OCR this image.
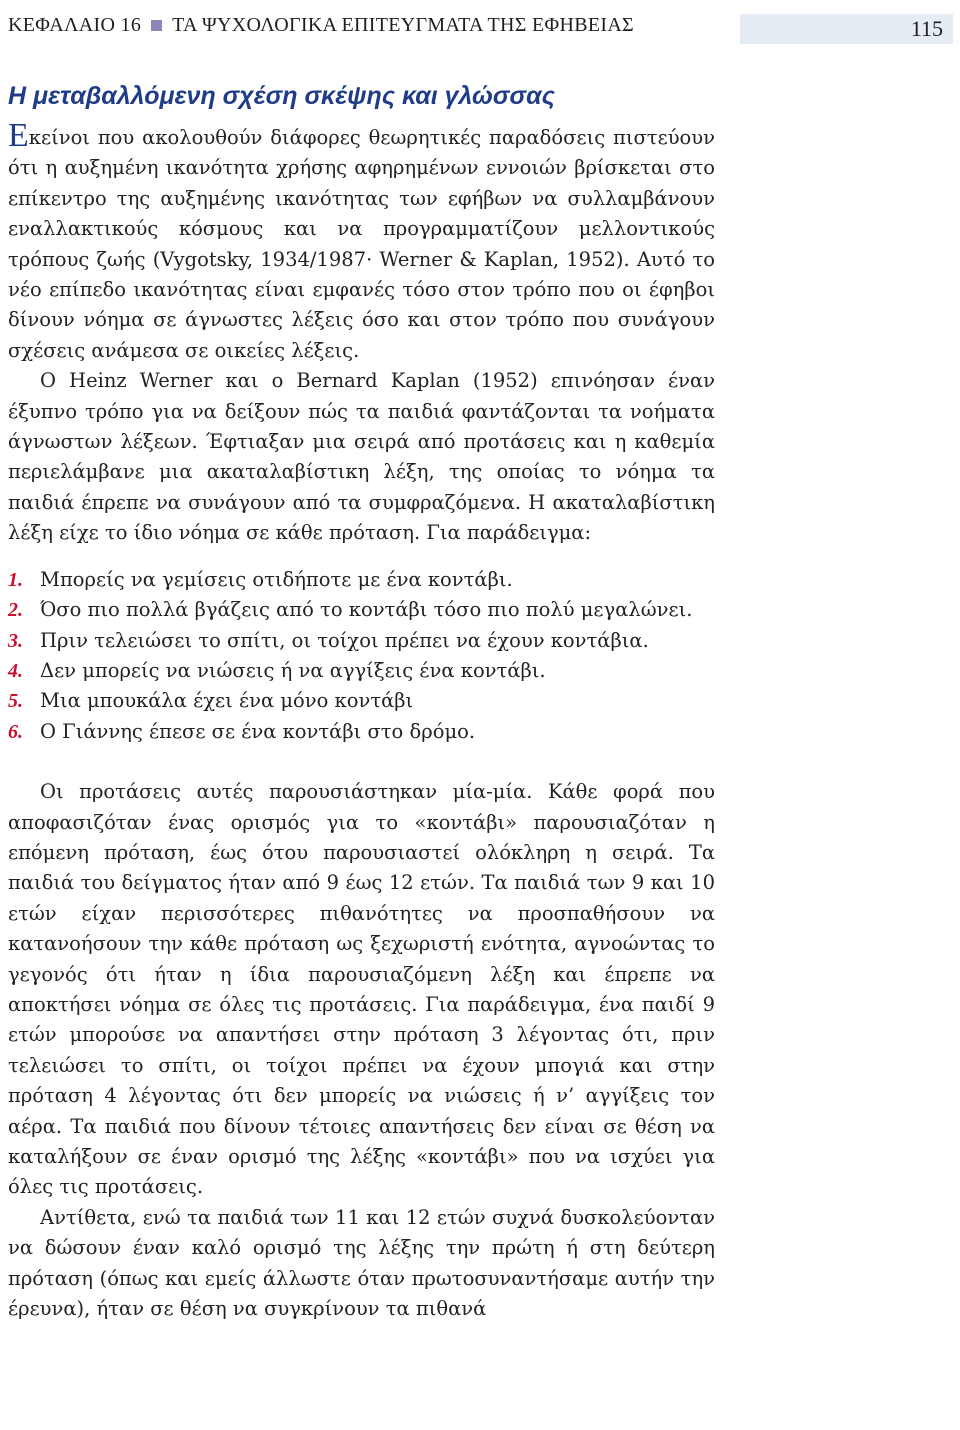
ΚΕΦΑΛΑΙΟ 16 ΤΑ ΨΥΧΟΛΟΓΙΚΑ ΕΠΙΤΕΥΓΜΑΤΑ ΤΗΣ ΕΦΗΒΕΙΑΣ	115
Η μεταβαλλόμενη σχέση σκέψης και γλώσσας

Εκείνοι που ακολουθούν διάφορες θεωρητικές παραδόσεις πιστεύουν ότι η αυξημένη ικανότητα χρήσης αφηρημένων εννοιών βρίσκεται στο επίκεντρο της αυξημένης ικανότητας των εφήβων να συλλαμβάνουν εναλλακτικούς κόσμους και να προγραμματίζουν μελλοντικούς τρόπους ζωής (Vygotsky, 1934/1987· Werner & Kaplan, 1952). Αυτό το νέο επίπεδο ικανότητας είναι εμφανές τόσο στον τρόπο που οι έφηβοι δίνουν νόημα σε άγνωστες λέξεις όσο και στον τρόπο που συνάγουν σχέσεις ανάμεσα σε οικείες λέξεις.

Ο Heinz Werner και ο Bernard Kaplan (1952) επινόησαν έναν έξυπνο τρόπο για να δείξουν πώς τα παιδιά φαντάζονται τα νοήματα άγνωστων λέξεων. Έφτιαξαν μια σειρά από προτάσεις και η καθεμία περιελάμβανε μια ακαταλαβίστικη λέξη, της οποίας το νόημα τα παιδιά έπρεπε να συνάγουν από τα συμφραζόμενα. Η ακαταλαβίστικη λέξη είχε το ίδιο νόημα σε κάθε πρόταση. Για παράδειγμα:

1. Μπορείς να γεμίσεις οτιδήποτε με ένα κοντάβι.
2. Όσο πιο πολλά βγάζεις από το κοντάβι τόσο πιο πολύ μεγαλώνει.
3. Πριν τελειώσει το σπίτι, οι τοίχοι πρέπει να έχουν κοντάβια.
4. Δεν μπορείς να νιώσεις ή να αγγίξεις ένα κοντάβι.
5. Μια μπουκάλα έχει ένα μόνο κοντάβι
6. Ο Γιάννης έπεσε σε ένα κοντάβι στο δρόμο.

Οι προτάσεις αυτές παρουσιάστηκαν μία-μία. Κάθε φορά που αποφασιζόταν ένας ορισμός για το «κοντάβι» παρουσιαζόταν η επόμενη πρόταση, έως ότου παρουσιαστεί ολόκληρη η σειρά. Τα παιδιά του δείγματος ήταν από 9 έως 12 ετών. Τα παιδιά των 9 και 10 ετών είχαν περισσότερες πιθανότητες να προσπαθήσουν να κατανοήσουν την κάθε πρόταση ως ξεχωριστή ενότητα, αγνοώντας το γεγονός ότι ήταν η ίδια παρουσιαζόμενη λέξη και έπρεπε να αποκτήσει νόημα σε όλες τις προτάσεις. Για παράδειγμα, ένα παιδί 9 ετών μπορούσε να απαντήσει στην πρόταση 3 λέγοντας ότι, πριν τελειώσει το σπίτι, οι τοίχοι πρέπει να έχουν μπογιά και στην πρόταση 4 λέγοντας ότι δεν μπορείς να νιώσεις ή ν’ αγγίξεις τον αέρα. Τα παιδιά που δίνουν τέτοιες απαντήσεις δεν είναι σε θέση να καταλήξουν σε έναν ορισμό της λέξης «κοντάβι» που να ισχύει για όλες τις προτάσεις.

Αντίθετα, ενώ τα παιδιά των 11 και 12 ετών συχνά δυσκολεύονταν να δώσουν έναν καλό ορισμό της λέξης την πρώτη ή στη δεύτερη πρόταση (όπως και εμείς άλλωστε όταν πρωτοσυναντήσαμε αυτήν την έρευνα), ήταν σε θέση να συγκρίνουν τα πιθανά
